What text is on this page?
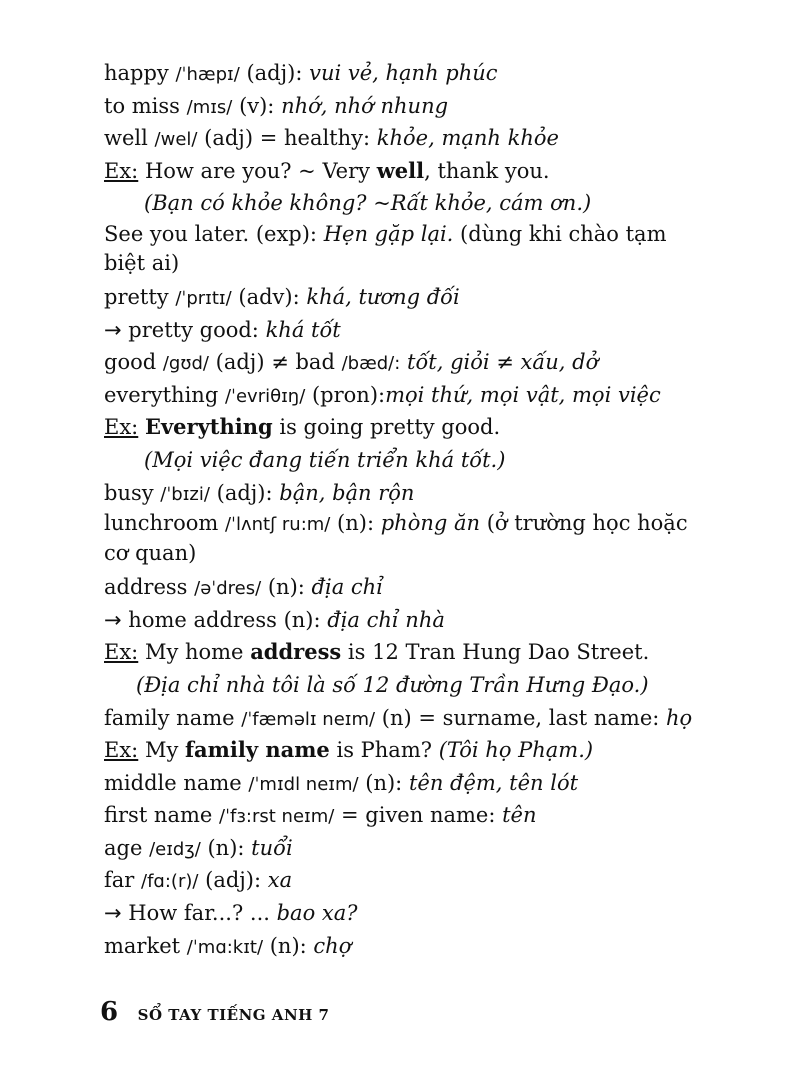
happy /ˈhæpɪ/ (adj): vui vẻ, hạnh phúc
to miss /mɪs/ (v): nhớ, nhớ nhung
well /wel/ (adj) = healthy: khỏe, mạnh khỏe
Ex: How are you? ~ Very well, thank you.
(Bạn có khỏe không? ~Rất khỏe, cám ơn.)
See you later. (exp): Hẹn gặp lại. (dùng khi chào tạm biệt ai)
pretty /ˈprɪtɪ/ (adv): khá, tương đối
→ pretty good: khá tốt
good /gʊd/ (adj) ≠ bad /bæd/: tốt, giỏi ≠ xấu, dở
everything /ˈevriθɪŋ/ (pron):mọi thứ, mọi vật, mọi việc
Ex: Everything is going pretty good.
(Mọi việc đang tiến triển khá tốt.)
busy /ˈbɪzi/ (adj): bận, bận rộn
lunchroom /ˈlʌntʃ ru:m/ (n): phòng ăn (ở trường học hoặc cơ quan)
address /əˈdres/ (n): địa chỉ
→ home address (n): địa chỉ nhà
Ex: My home address is 12 Tran Hung Dao Street.
(Địa chỉ nhà tôi là số 12 đường Trần Hưng Đạo.)
family name /ˈfæməlɪ neɪm/ (n) = surname, last name: họ
Ex: My family name is Pham? (Tôi họ Phạm.)
middle name /ˈmɪdl neɪm/ (n): tên đệm, tên lót
first name /ˈfɜ:rst neɪm/ = given name: tên
age /eɪdʒ/ (n): tuổi
far /fɑ:(r)/ (adj): xa
→ How far...? ... bao xa?
market /ˈmɑ:kɪt/ (n): chợ
6 SỔ TAY TIẾNG ANH 7
